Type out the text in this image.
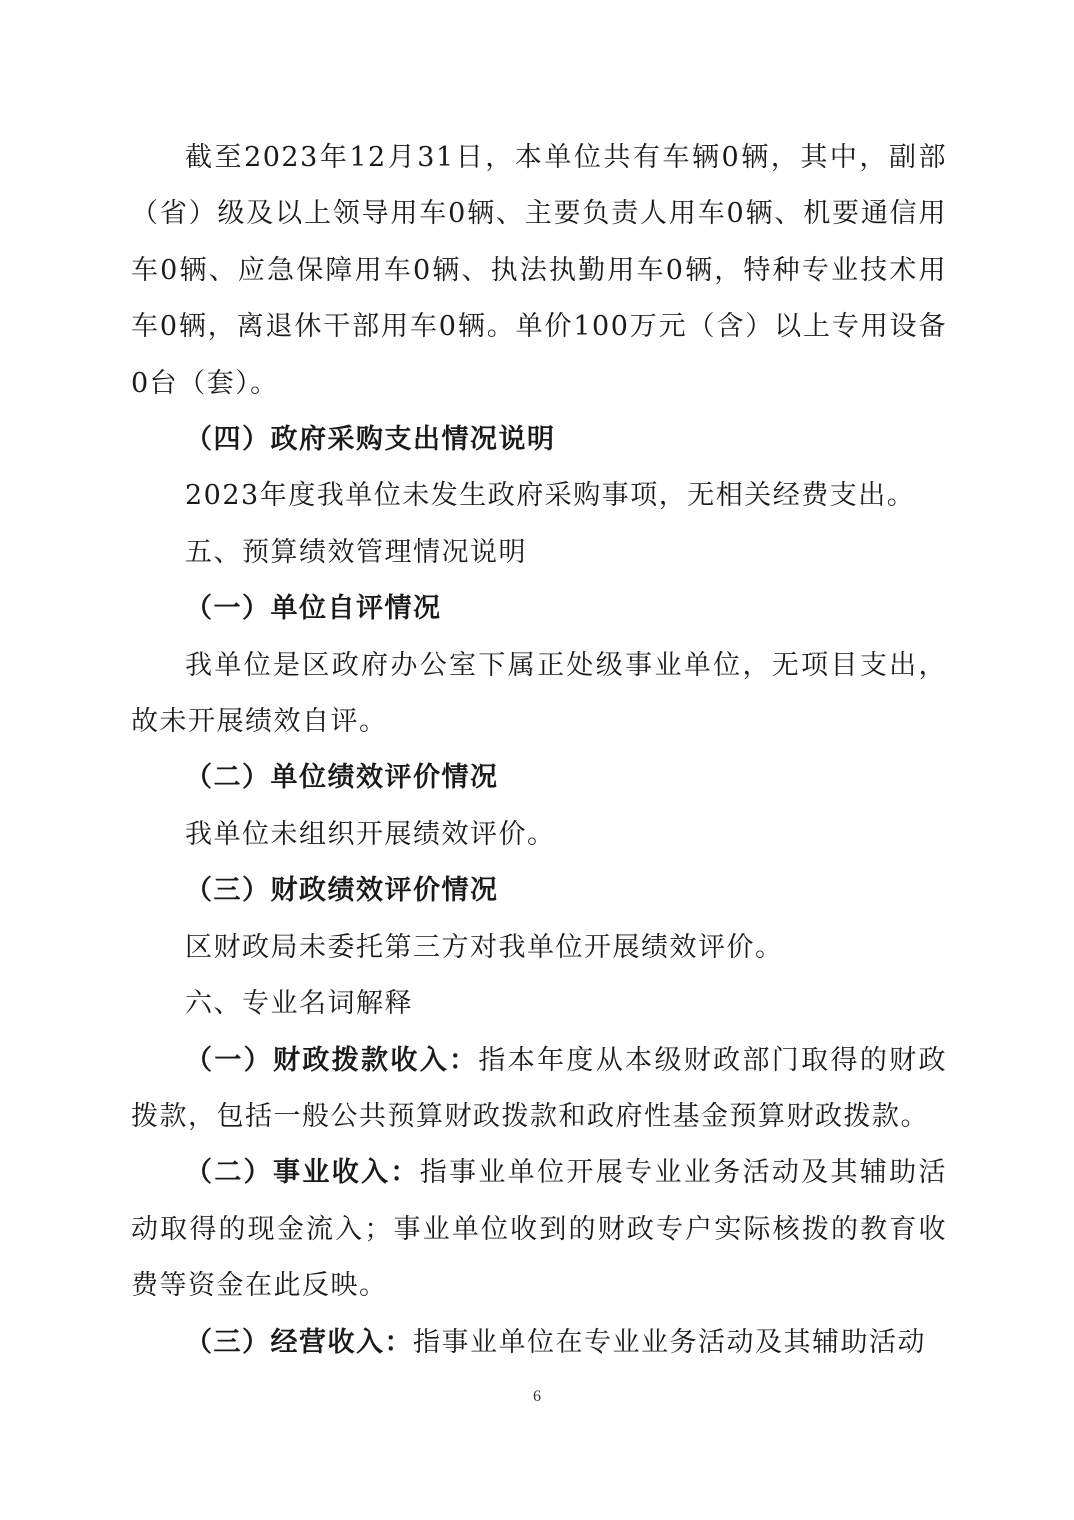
截至2023年12月31日，本单位共有车辆0辆，其中，副部（省）级及以上领导用车0辆、主要负责人用车0辆、机要通信用车0辆、应急保障用车0辆、执法执勤用车0辆，特种专业技术用车0辆，离退休干部用车0辆。单价100万元（含）以上专用设备0台（套）。

（四）政府采购支出情况说明

2023年度我单位未发生政府采购事项，无相关经费支出。

五、预算绩效管理情况说明

（一）单位自评情况

我单位是区政府办公室下属正处级事业单位，无项目支出，故未开展绩效自评。

（二）单位绩效评价情况

我单位未组织开展绩效评价。

（三）财政绩效评价情况

区财政局未委托第三方对我单位开展绩效评价。

六、专业名词解释

（一）财政拨款收入：指本年度从本级财政部门取得的财政拨款，包括一般公共预算财政拨款和政府性基金预算财政拨款。

（二）事业收入：指事业单位开展专业业务活动及其辅助活动取得的现金流入；事业单位收到的财政专户实际核拨的教育收费等资金在此反映。

（三）经营收入：指事业单位在专业业务活动及其辅助活动

6
